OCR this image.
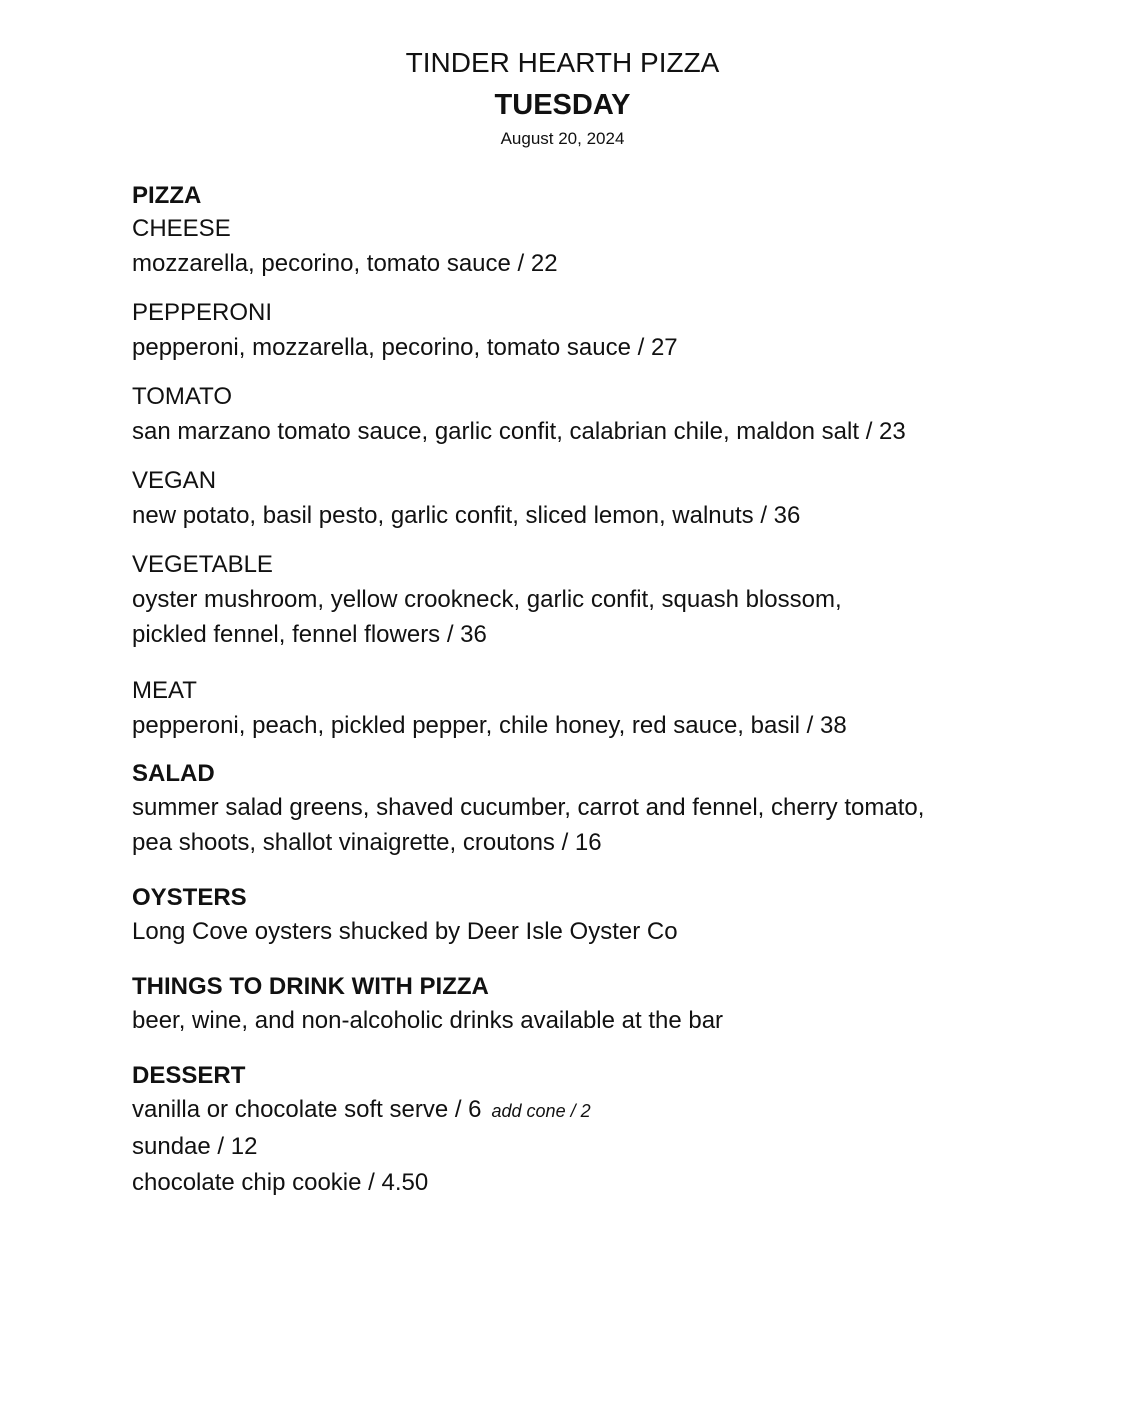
TINDER HEARTH PIZZA
TUESDAY
August 20, 2024

PIZZA

CHEESE

mozzarella, pecorino, tomato sauce / 22

PEPPERONI

pepperoni, mozzarella, pecorino, tomato sauce / 27

TOMATO

san marzano tomato sauce, garlic confit, calabrian chile, maldon salt / 23

VEGAN

new potato, basil pesto, garlic confit, sliced lemon, walnuts / 36

VEGETABLE

oyster mushroom, yellow crookneck, garlic confit, squash blossom,

pickled fennel, fennel flowers / 36

MEAT

pepperoni, peach, pickled pepper, chile honey, red sauce, basil / 38

SALAD

summer salad greens, shaved cucumber, carrot and fennel, cherry tomato,

pea shoots, shallot vinaigrette, croutons / 16

OYSTERS

Long Cove oysters shucked by Deer Isle Oyster Co

THINGS TO DRINK WITH PIZZA

beer, wine, and non-alcoholic drinks available at the bar

DESSERT

vanilla or chocolate soft serve / 6 add cone / 2

sundae / 12

chocolate chip cookie / 4.50
